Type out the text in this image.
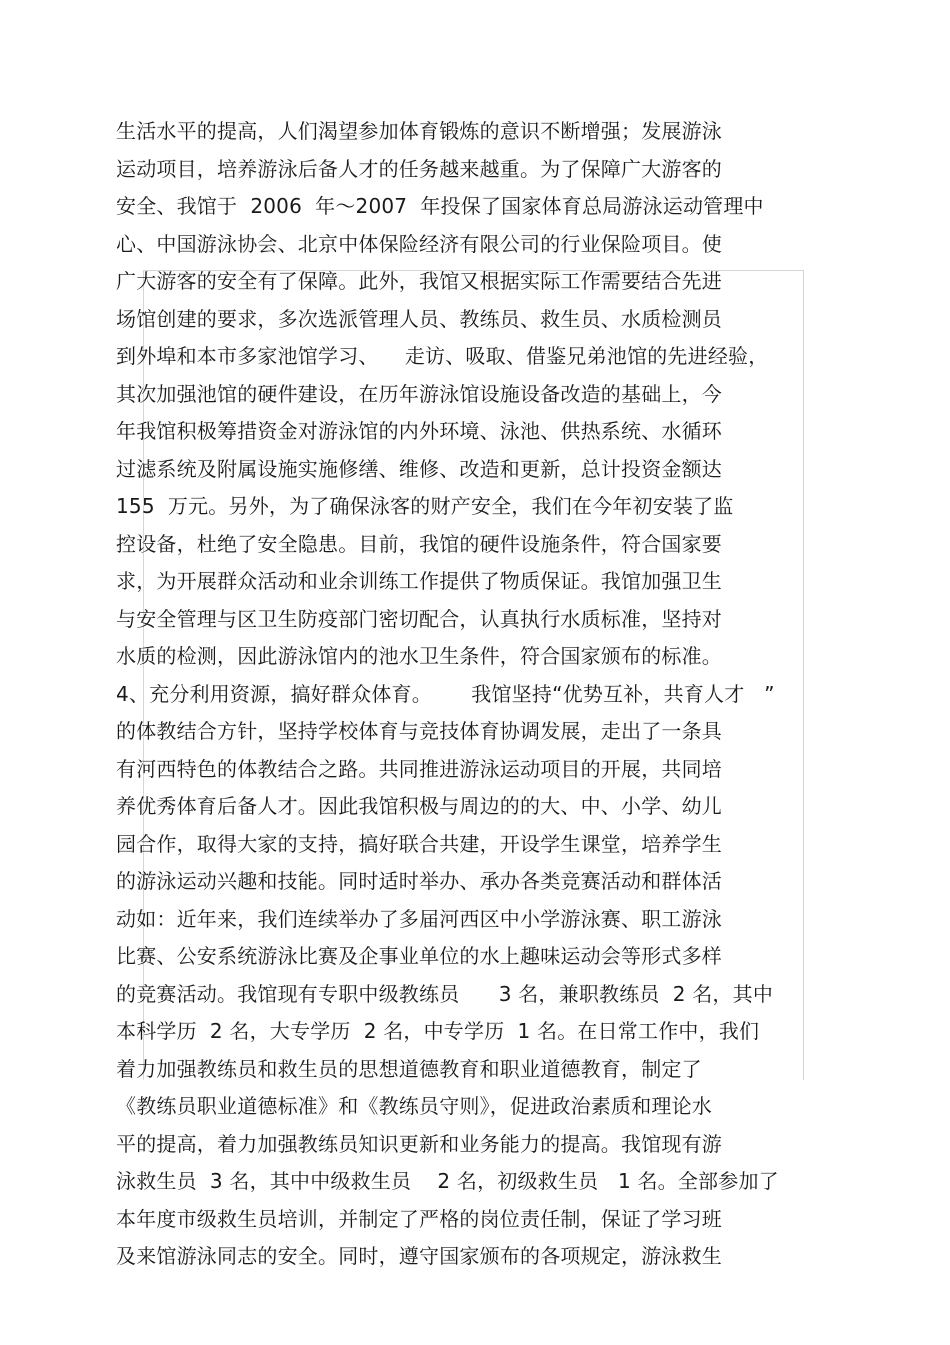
生活水平的提高，人们渴望参加体育锻炼的意识不断增强；发展游泳
运动项目，培养游泳后备人才的任务越来越重。为了保障广大游客的
安全、我馆于  2006  年～2007  年投保了国家体育总局游泳运动管理中
心、中国游泳协会、北京中体保险经济有限公司的行业保险项目。使
广大游客的安全有了保障。此外，我馆又根据实际工作需要结合先进
场馆创建的要求，多次选派管理人员、教练员、救生员、水质检测员
到外埠和本市多家池馆学习、    走访、吸取、借鉴兄弟池馆的先进经验，
其次加强池馆的硬件建设，在历年游泳馆设施设备改造的基础上，今
年我馆积极筹措资金对游泳馆的内外环境、泳池、供热系统、水循环
过滤系统及附属设施实施修缮、维修、改造和更新，总计投资金额达
155  万元。另外，为了确保泳客的财产安全，我们在今年初安装了监
控设备，杜绝了安全隐患。目前，我馆的硬件设施条件，符合国家要
求，为开展群众活动和业余训练工作提供了物质保证。我馆加强卫生
与安全管理与区卫生防疫部门密切配合，认真执行水质标准，坚持对
水质的检测，因此游泳馆内的池水卫生条件，符合国家颁布的标准。
4、充分利用资源，搞好群众体育。      我馆坚持“优势互补，共育人才   ”
的体教结合方针，坚持学校体育与竞技体育协调发展，走出了一条具
有河西特色的体教结合之路。共同推进游泳运动项目的开展，共同培
养优秀体育后备人才。因此我馆积极与周边的的大、中、小学、幼儿
园合作，取得大家的支持，搞好联合共建，开设学生课堂，培养学生
的游泳运动兴趣和技能。同时适时举办、承办各类竞赛活动和群体活
动如：近年来，我们连续举办了多届河西区中小学游泳赛、职工游泳
比赛、公安系统游泳比赛及企事业单位的水上趣味运动会等形式多样
的竞赛活动。我馆现有专职中级教练员      3 名，兼职教练员  2 名，其中
本科学历  2 名，大专学历  2 名，中专学历  1 名。在日常工作中，我们
着力加强教练员和救生员的思想道德教育和职业道德教育，制定了
《教练员职业道德标准》和《教练员守则》，促进政治素质和理论水
平的提高，着力加强教练员知识更新和业务能力的提高。我馆现有游
泳救生员  3 名，其中中级救生员    2 名，初级救生员   1 名。全部参加了
本年度市级救生员培训，并制定了严格的岗位责任制，保证了学习班
及来馆游泳同志的安全。同时，遵守国家颁布的各项规定，游泳救生
